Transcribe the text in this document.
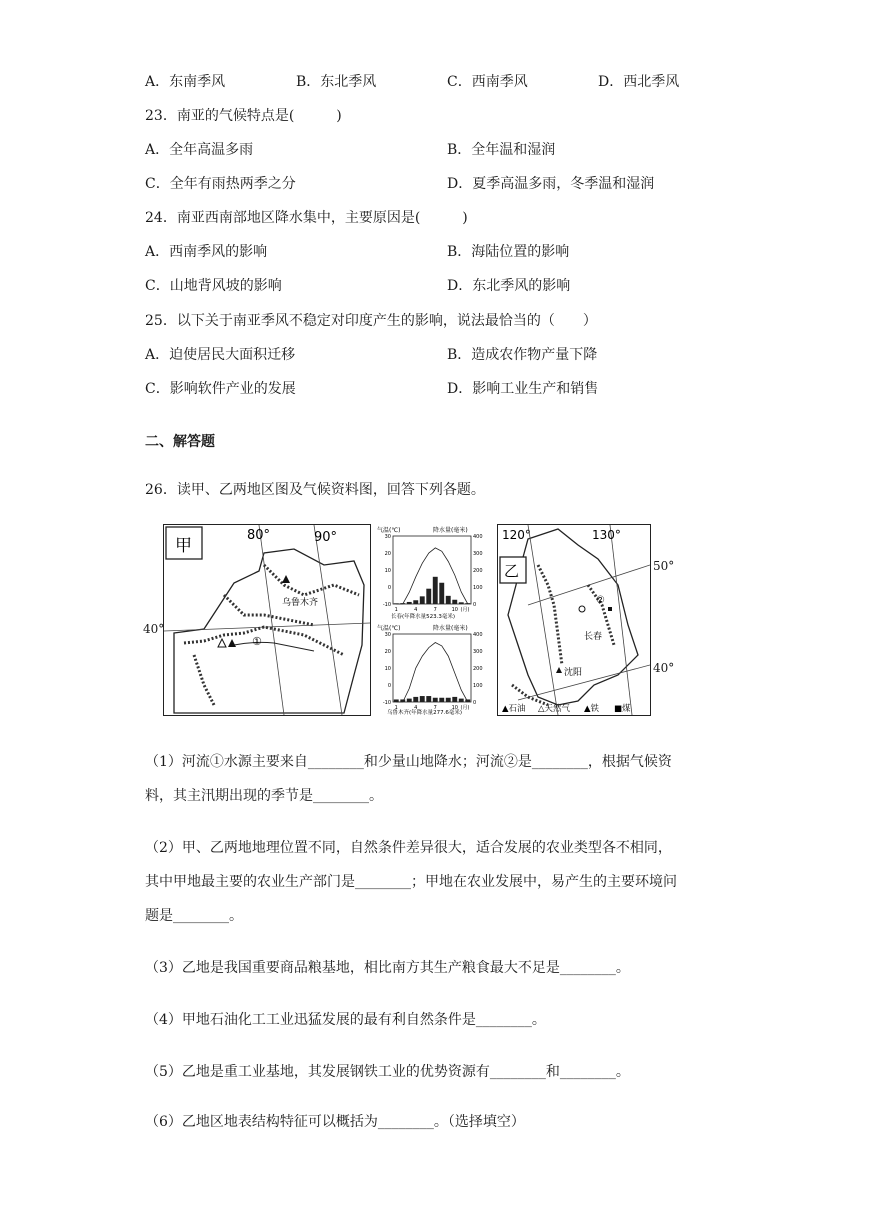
A．东南季风	B．东北季风	C．西南季风	D．西北季风
23．南亚的气候特点是(　　　)
A．全年高温多雨	B．全年温和湿润
C．全年有雨热两季之分	D．夏季高温多雨，冬季温和湿润
24．南亚西南部地区降水集中，主要原因是(　　　)
A．西南季风的影响	B．海陆位置的影响
C．山地背风坡的影响	D．东北季风的影响
25．以下关于南亚季风不稳定对印度产生的影响，说法最恰当的（　　）
A．迫使居民大面积迁移	B．造成农作物产量下降
C．影响软件产业的发展	D．影响工业生产和销售
二、解答题
26．读甲、乙两地区图及气候资料图，回答下列各题。
甲
80°	90°
乌鲁木齐
①
40°
气温(℃)	降水量(毫米)
30	400
20	300
10	200
0	100
-10	0
1	4	7	10 (月)
长春(年降水量523.3毫米)
气温(℃)	降水量(毫米)
30	400
20	300
10	200
0	100
-10	0
1	4	7	10 (月)
乌鲁木齐(年降水量277.6毫米)
乙
120°	130°
②
长春
沈阳
▲石油 △天然气 ▲铁 ■煤
50°
40°
（1）河流①水源主要来自________和少量山地降水；河流②是________，根据气候资
料，其主汛期出现的季节是________。
（2）甲、乙两地地理位置不同，自然条件差异很大，适合发展的农业类型各不相同，
其中甲地最主要的农业生产部门是________；甲地在农业发展中，易产生的主要环境问
题是________。
（3）乙地是我国重要商品粮基地，相比南方其生产粮食最大不足是________。
（4）甲地石油化工工业迅猛发展的最有利自然条件是________。
（5）乙地是重工业基地，其发展钢铁工业的优势资源有________和________。
（6）乙地区地表结构特征可以概括为________。（选择填空）
